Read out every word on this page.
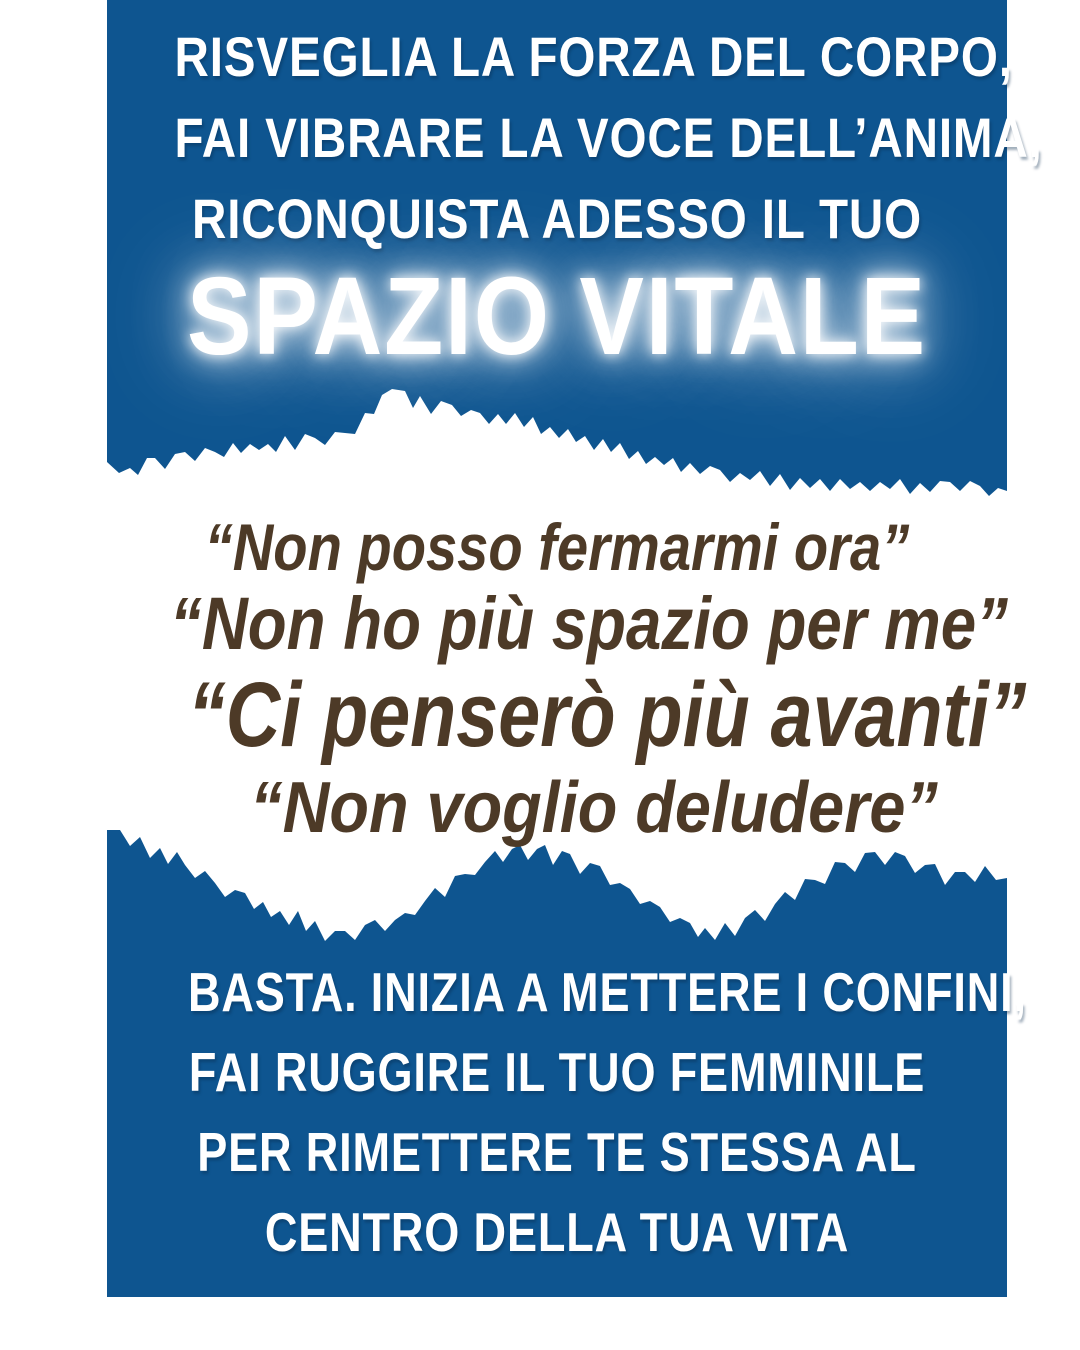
RISVEGLIA LA FORZA DEL CORPO,
FAI VIBRARE LA VOCE DELL’ANIMA,
RICONQUISTA ADESSO IL TUO
SPAZIO VITALE
“Non posso fermarmi ora”
“Non ho più spazio per me”
“Ci penserò più avanti”
“Non voglio deludere”
BASTA. INIZIA A METTERE I CONFINI,
FAI RUGGIRE IL TUO FEMMINILE
PER RIMETTERE TE STESSA AL
CENTRO DELLA TUA VITA
